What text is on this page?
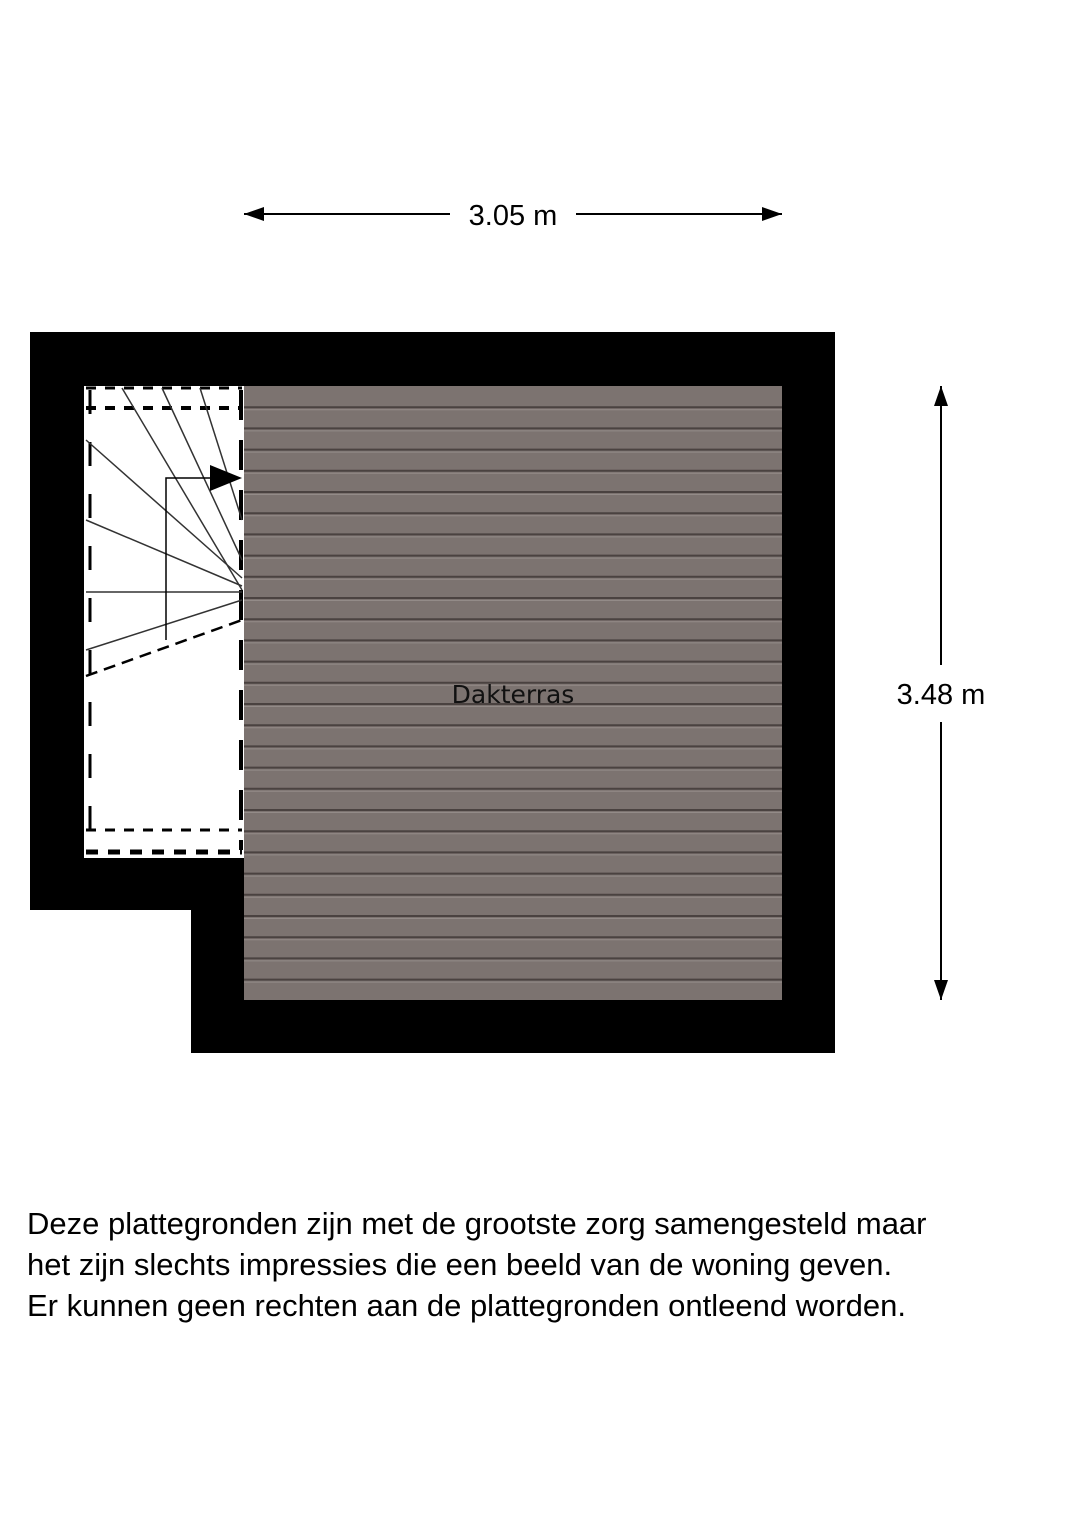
3.05 m
3.48 m
Dakterras
Deze plattegronden zijn met de grootste zorg samengesteld maar
het zijn slechts impressies die een beeld van de woning geven.
Er kunnen geen rechten aan de plattegronden ontleend worden.
